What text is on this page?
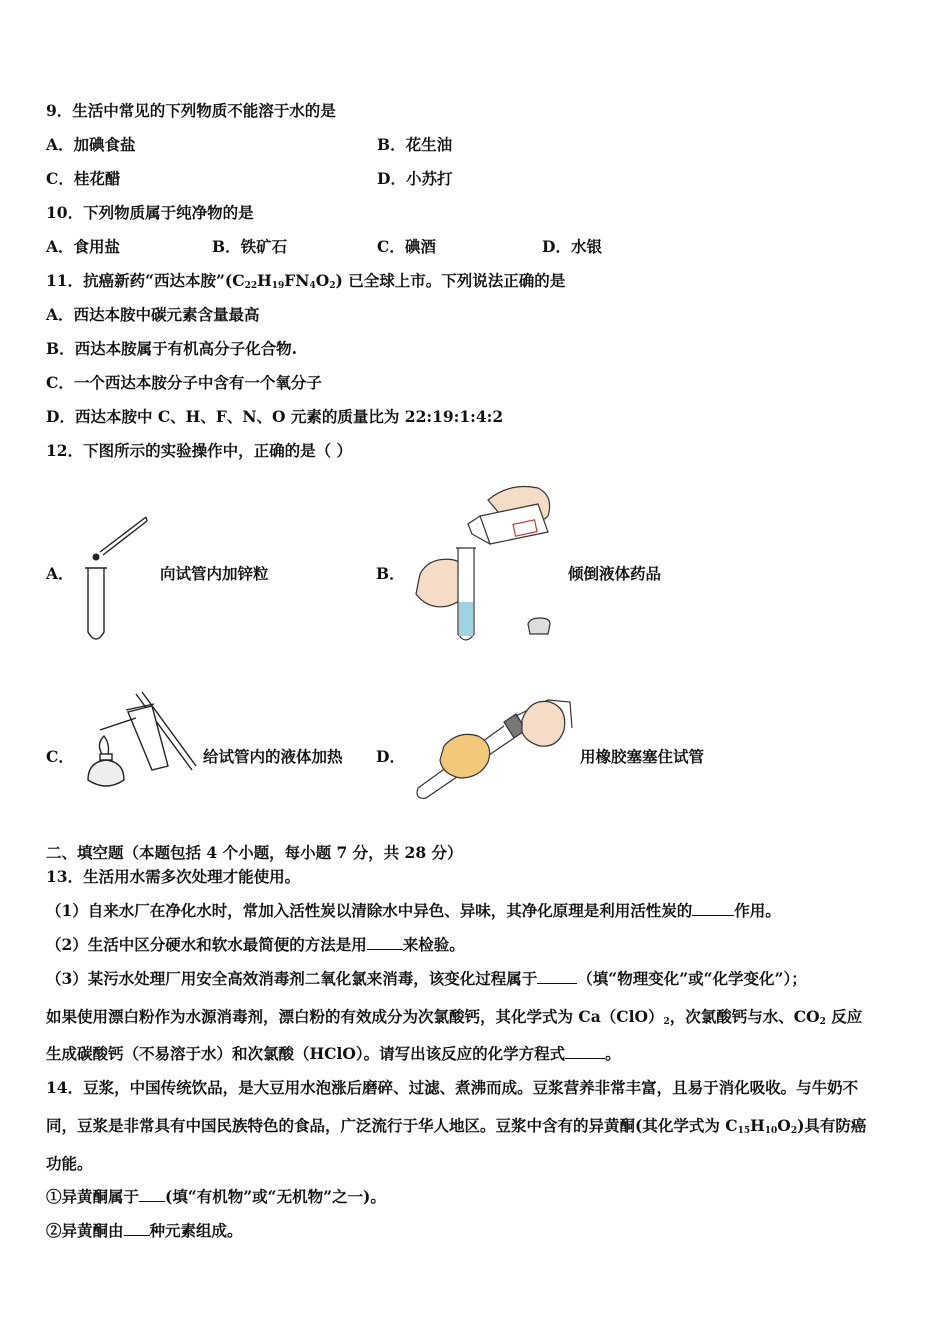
9．生活中常见的下列物质不能溶于水的是
A．加碘食盐	B．花生油
C．桂花醋	D．小苏打
10．下列物质属于纯净物的是
A．食用盐	B．铁矿石	C．碘酒	D．水银
11．抗癌新药“西达本胺”(C22H19FN4O2) 已全球上市。下列说法正确的是
A．西达本胺中碳元素含量最高
B．西达本胺属于有机高分子化合物.
C．一个西达本胺分子中含有一个氧分子
D．西达本胺中 C、H、F、N、O 元素的质量比为 22:19:1:4:2
12．下图所示的实验操作中，正确的是（ ）
A．	向试管内加锌粒	B．	倾倒液体药品
C．	给试管内的液体加热 D．	用橡胶塞塞住试管
二、填空题（本题包括 4 个小题，每小题 7 分，共 28 分）
13．生活用水需多次处理才能使用。
（1）自来水厂在净化水时，常加入活性炭以清除水中异色、异味，其净化原理是利用活性炭的	作用。
（2）生活中区分硬水和软水最简便的方法是用 来检验。
（3）某污水处理厂用安全高效消毒剂二氧化氯来消毒，该变化过程属于	（填“物理变化”或“化学变化”）；
如果使用漂白粉作为水源消毒剂，漂白粉的有效成分为次氯酸钙，其化学式为 Ca（ClO）2，次氯酸钙与水、CO2 反应
生成碳酸钙（不易溶于水）和次氯酸（HClO）。请写出该反应的化学方程式	。
14．豆浆，中国传统饮品，是大豆用水泡涨后磨碎、过滤、煮沸而成。豆浆营养非常丰富，且易于消化吸收。与牛奶不
同，豆浆是非常具有中国民族特色的食品，广泛流行于华人地区。豆浆中含有的异黄酮(其化学式为 C15H10O2)具有防癌
功能。
①异黄酮属于 (填“有机物”或“无机物”之一)。
②异黄酮由 种元素组成。
